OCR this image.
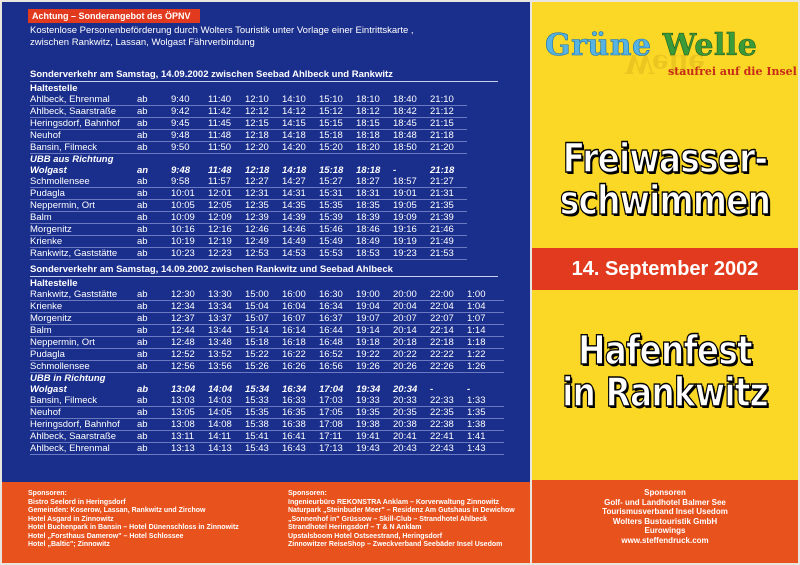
Achtung – Sonderangebot des ÖPNV
Kostenlose Personenbeförderung durch Wolters Touristik unter Vorlage einer Eintrittskarte ,
zwischen Rankwitz, Lassan, Wolgast Fährverbindung
Sonderverkehr am Samstag, 14.09.2002 zwischen Seebad Ahlbeck und Rankwitz
Haltestelle									
Ahlbeck, Ehrenmal	ab	9:40	11:40	12:10	14:10	15:10	18:10	18:40	21:10
Ahlbeck, Saarstraße	ab	9:42	11:42	12:12	14:12	15:12	18:12	18:42	21:12
Heringsdorf, Bahnhof	ab	9:45	11:45	12:15	14:15	15:15	18:15	18:45	21:15
Neuhof	ab	9:48	11:48	12:18	14:18	15:18	18:18	18:48	21:18
Bansin, Filmeck	ab	9:50	11:50	12:20	14:20	15:20	18:20	18:50	21:20
UBB aus Richtung									
Wolgast	an	9:48	11:48	12:18	14:18	15:18	18:18	-	21:18
Schmollensee	ab	9:58	11:57	12:27	14:27	15:27	18:27	18:57	21:27
Pudagla	ab	10:01	12:01	12:31	14:31	15:31	18:31	19:01	21:31
Neppermin, Ort	ab	10:05	12:05	12:35	14:35	15:35	18:35	19:05	21:35
Balm	ab	10:09	12:09	12:39	14:39	15:39	18:39	19:09	21:39
Morgenitz	ab	10:16	12:16	12:46	14:46	15:46	18:46	19:16	21:46
Krienke	ab	10:19	12:19	12:49	14:49	15:49	18:49	19:19	21:49
Rankwitz, Gaststätte	ab	10:23	12:23	12:53	14:53	15:53	18:53	19:23	21:53
Sonderverkehr am Samstag, 14.09.2002 zwischen Rankwitz und Seebad Ahlbeck
Haltestelle										
Rankwitz, Gaststätte	ab	12:30	13:30	15:00	16:00	16:30	19:00	20:00	22:00	1:00
Krienke	ab	12:34	13:34	15:04	16:04	16:34	19:04	20:04	22:04	1:04
Morgenitz	ab	12:37	13:37	15:07	16:07	16:37	19:07	20:07	22:07	1:07
Balm	ab	12:44	13:44	15:14	16:14	16:44	19:14	20:14	22:14	1:14
Neppermin, Ort	ab	12:48	13:48	15:18	16:18	16:48	19:18	20:18	22:18	1:18
Pudagla	ab	12:52	13:52	15:22	16:22	16:52	19:22	20:22	22:22	1:22
Schmollensee	ab	12:56	13:56	15:26	16:26	16:56	19:26	20:26	22:26	1:26
UBB in Richtung										
Wolgast	ab	13:04	14:04	15:34	16:34	17:04	19:34	20:34	-	-
Bansin, Filmeck	ab	13:03	14:03	15:33	16:33	17:03	19:33	20:33	22:33	1:33
Neuhof	ab	13:05	14:05	15:35	16:35	17:05	19:35	20:35	22:35	1:35
Heringsdorf, Bahnhof	ab	13:08	14:08	15:38	16:38	17:08	19:38	20:38	22:38	1:38
Ahlbeck, Saarstraße	ab	13:11	14:11	15:41	16:41	17:11	19:41	20:41	22:41	1:41
Ahlbeck, Ehrenmal	ab	13:13	14:13	15:43	16:43	17:13	19:43	20:43	22:43	1:43
Sponsoren:
Bistro Seelord in Heringsdorf
Gemeinden: Koserow, Lassan, Rankwitz und Zirchow
Hotel Asgard in Zinnowitz
Hotel Buchenpark in Bansin – Hotel Dünenschloss in Zinnowitz
Hotel „Forsthaus Damerow" – Hotel Schlossee
Hotel „Baltic"; Zinnowitz
Sponsoren:
Ingenieurbüro REKONSTRA Anklam – Korverwaltung Zinnowitz
Naturpark „Steinbuder Meer" – Residenz Am Gutshaus in Dewichow
„Sonnenhof in" Grüssow – Skill-Club – Strandhotel Ahlbeck
Strandhotel Heringsdorf – T & N Anklam
Upstalsboom Hotel Ostseestrand, Heringsdorf
Zinnowitzer ReiseShop – Zweckverband Seebäder Insel Usedom
Welle
Grüne Welle
staufrei auf die Insel
Freiwasser-
schwimmen
14. September 2002
Hafenfest
in Rankwitz
Sponsoren
Golf- und Landhotel Balmer See
Tourismusverband Insel Usedom
Wolters Bustouristik GmbH
Eurowings
www.steffendruck.com
